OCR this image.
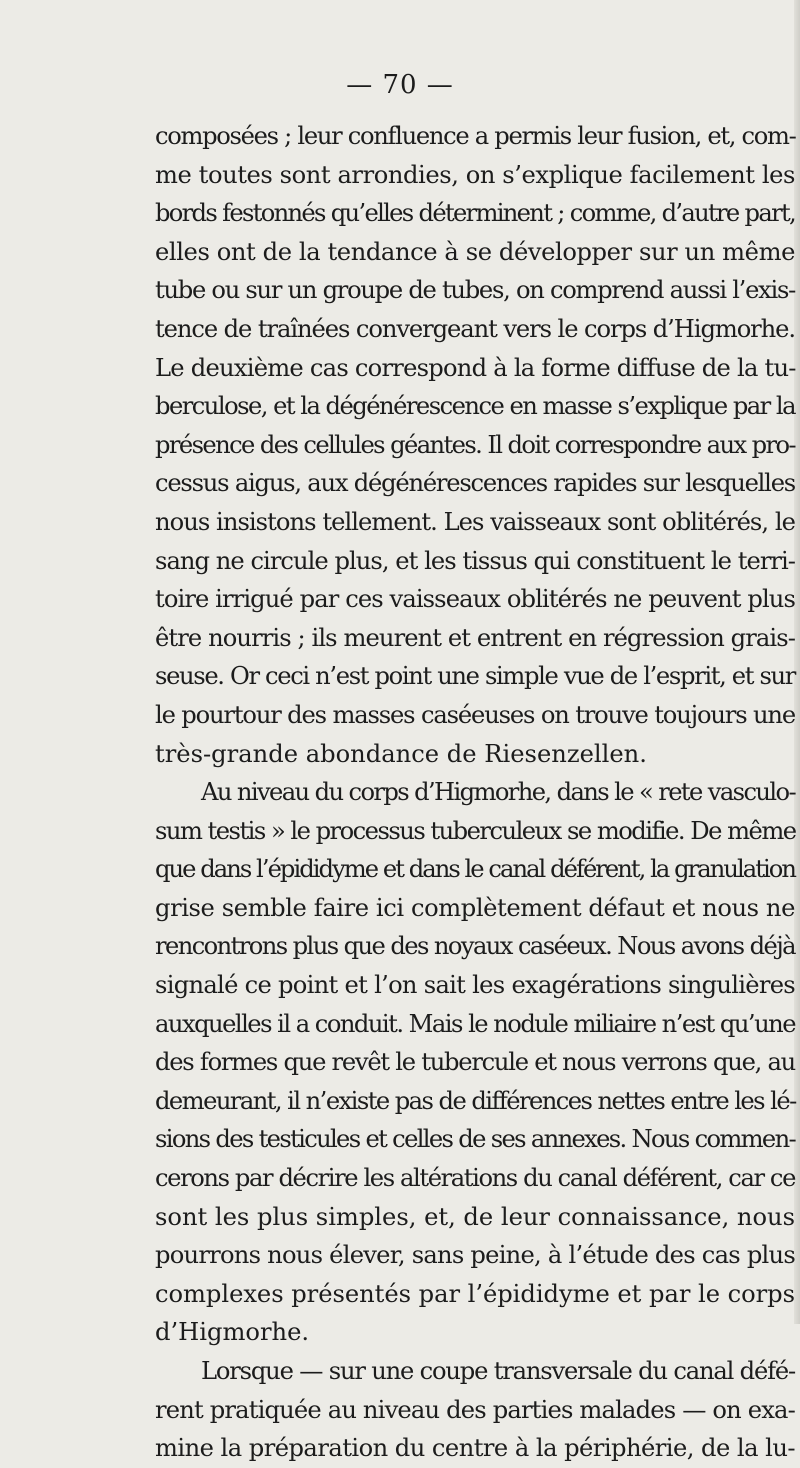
— 70 —
composées ; leur confluence a permis leur fusion, et, com-
me toutes sont arrondies, on s’explique facilement les
bords festonnés qu’elles déterminent ; comme, d’autre part,
elles ont de la tendance à se développer sur un même
tube ou sur un groupe de tubes, on comprend aussi l’exis-
tence de traînées convergeant vers le corps d’Higmorhe.
Le deuxième cas correspond à la forme diffuse de la tu-
berculose, et la dégénérescence en masse s’explique par la
présence des cellules géantes. Il doit correspondre aux pro-
cessus aigus, aux dégénérescences rapides sur lesquelles
nous insistons tellement. Les vaisseaux sont oblitérés, le
sang ne circule plus, et les tissus qui constituent le terri-
toire irrigué par ces vaisseaux oblitérés ne peuvent plus
être nourris ; ils meurent et entrent en régression grais-
seuse. Or ceci n’est point une simple vue de l’esprit, et sur
le pourtour des masses caséeuses on trouve toujours une
très-grande abondance de Riesenzellen.
Au niveau du corps d’Higmorhe, dans le « rete vasculo-
sum testis » le processus tuberculeux se modifie. De même
que dans l’épididyme et dans le canal déférent, la granulation
grise semble faire ici complètement défaut et nous ne
rencontrons plus que des noyaux caséeux. Nous avons déjà
signalé ce point et l’on sait les exagérations singulières
auxquelles il a conduit. Mais le nodule miliaire n’est qu’une
des formes que revêt le tubercule et nous verrons que, au
demeurant, il n’existe pas de différences nettes entre les lé-
sions des testicules et celles de ses annexes. Nous commen-
cerons par décrire les altérations du canal déférent, car ce
sont les plus simples, et, de leur connaissance, nous
pourrons nous élever, sans peine, à l’étude des cas plus
complexes présentés par l’épididyme et par le corps
d’Higmorhe.
Lorsque — sur une coupe transversale du canal défé-
rent pratiquée au niveau des parties malades — on exa-
mine la préparation du centre à la périphérie, de la lu-
